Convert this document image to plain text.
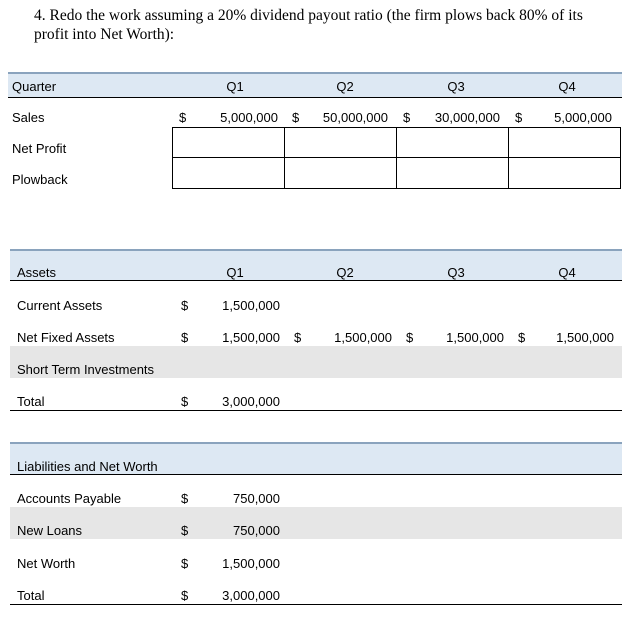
4. Redo the work assuming a 20% dividend payout ratio (the firm plows back 80% of its profit into Net Worth):
Quarter	Q1	Q2	Q3	Q4
Sales	$	5,000,000 $	50,000,000 $	30,000,000 $	5,000,000
Net Profit
Plowback
Assets	Q1	Q2	Q3	Q4
Current Assets	$	1,500,000
Net Fixed Assets	$	1,500,000 $	1,500,000 $	1,500,000 $	1,500,000
Short Term Investments
Total	$	3,000,000
Liabilities and Net Worth
Accounts Payable	$	750,000
New Loans	$	750,000
Net Worth	$	1,500,000
Total	$	3,000,000
